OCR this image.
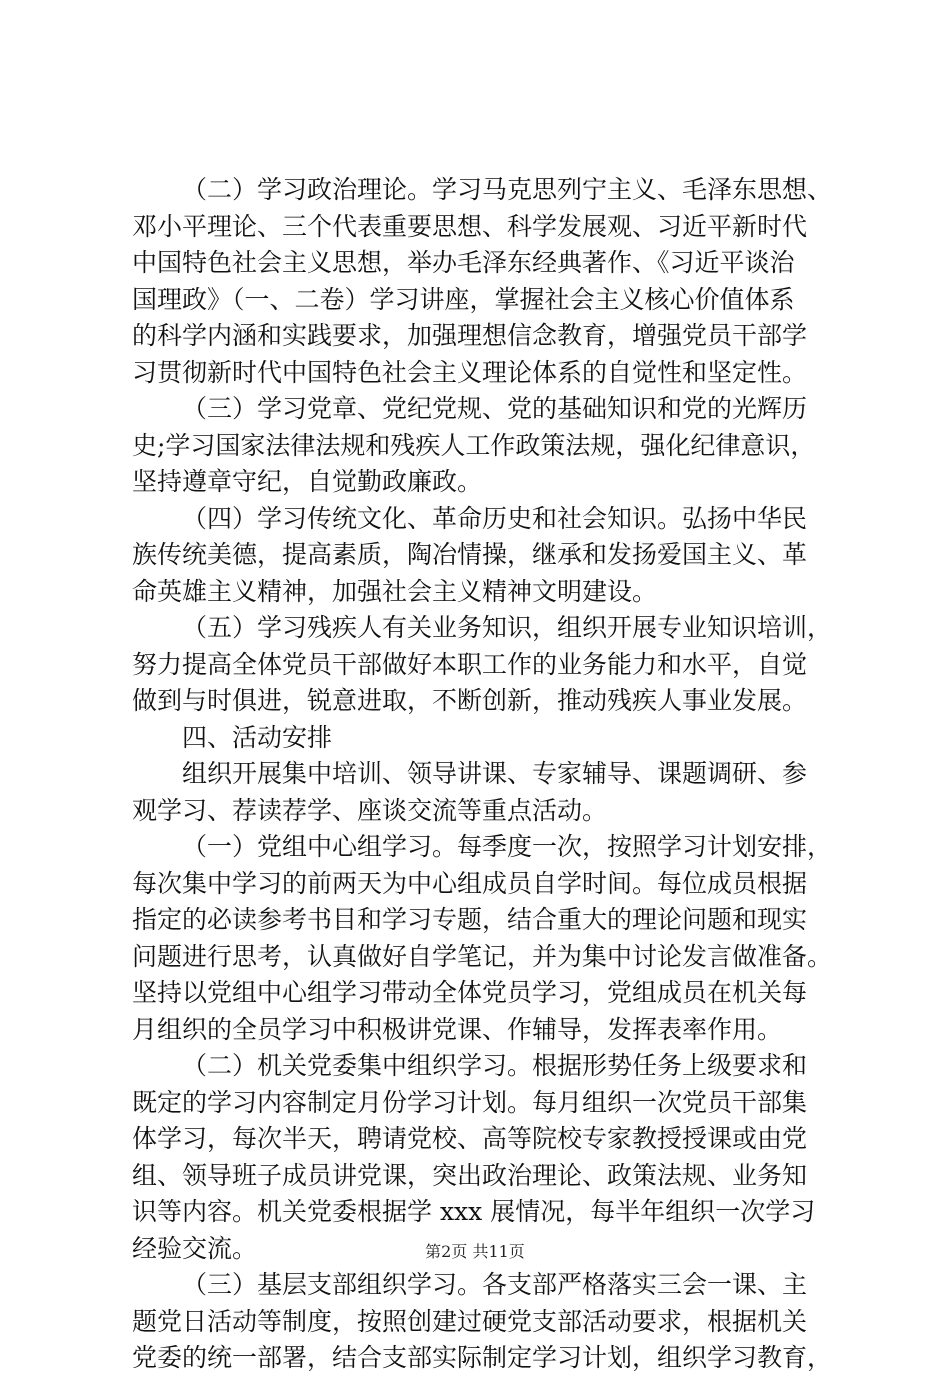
（二）学习政治理论。学习马克思列宁主义、毛泽东思想、
邓小平理论、三个代表重要思想、科学发展观、习近平新时代
中国特色社会主义思想，举办毛泽东经典著作、《习近平谈治
国理政》（一、二卷）学习讲座，掌握社会主义核心价值体系
的科学内涵和实践要求，加强理想信念教育，增强党员干部学
习贯彻新时代中国特色社会主义理论体系的自觉性和坚定性。
（三）学习党章、党纪党规、党的基础知识和党的光辉历
史;学习国家法律法规和残疾人工作政策法规，强化纪律意识，
坚持遵章守纪，自觉勤政廉政。
（四）学习传统文化、革命历史和社会知识。弘扬中华民
族传统美德，提高素质，陶冶情操，继承和发扬爱国主义、革
命英雄主义精神，加强社会主义精神文明建设。
（五）学习残疾人有关业务知识，组织开展专业知识培训，
努力提高全体党员干部做好本职工作的业务能力和水平，自觉
做到与时俱进，锐意进取，不断创新，推动残疾人事业发展。
四、活动安排
组织开展集中培训、领导讲课、专家辅导、课题调研、参
观学习、荐读荐学、座谈交流等重点活动。
（一）党组中心组学习。每季度一次，按照学习计划安排，
每次集中学习的前两天为中心组成员自学时间。每位成员根据
指定的必读参考书目和学习专题，结合重大的理论问题和现实
问题进行思考，认真做好自学笔记，并为集中讨论发言做准备。
坚持以党组中心组学习带动全体党员学习，党组成员在机关每
月组织的全员学习中积极讲党课、作辅导，发挥表率作用。
（二）机关党委集中组织学习。根据形势任务上级要求和
既定的学习内容制定月份学习计划。每月组织一次党员干部集
体学习，每次半天，聘请党校、高等院校专家教授授课或由党
组、领导班子成员讲党课，突出政治理论、政策法规、业务知
识等内容。机关党委根据学 xxx 展情况，每半年组织一次学习
经验交流。
（三）基层支部组织学习。各支部严格落实三会一课、主
题党日活动等制度，按照创建过硬党支部活动要求，根据机关
党委的统一部署，结合支部实际制定学习计划，组织学习教育，
第2页 共11页
